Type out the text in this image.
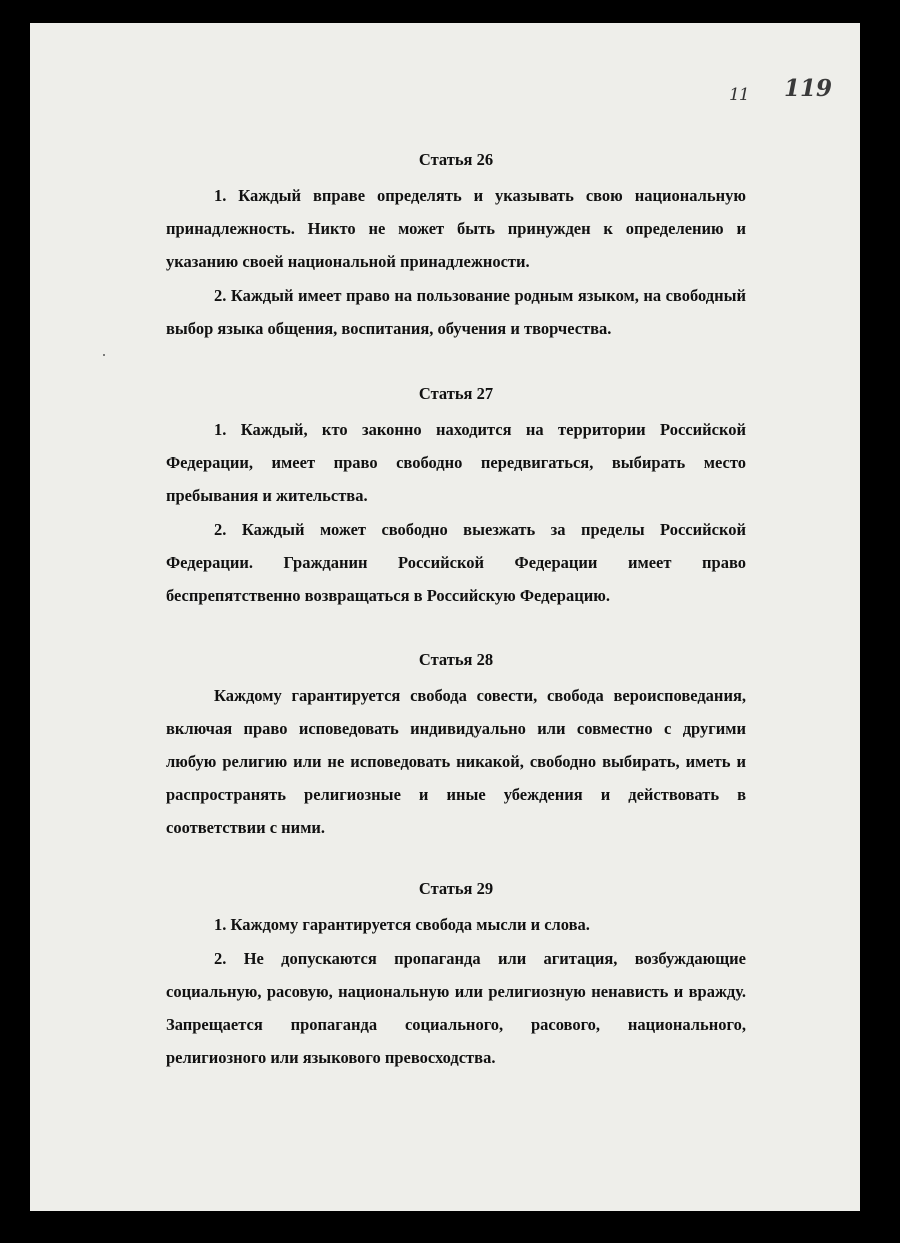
11 119
Статья 26

1. Каждый вправе определять и указывать свою национальную принадлежность. Никто не может быть принужден к определению и указанию своей национальной принадлежности.

2. Каждый имеет право на пользование родным языком, на свободный выбор языка общения, воспитания, обучения и творчества.

Статья 27

1. Каждый, кто законно находится на территории Российской Федерации, имеет право свободно передвигаться, выбирать место пребывания и жительства.

2. Каждый может свободно выезжать за пределы Российской Федерации. Гражданин Российской Федерации имеет право беспрепятственно возвращаться в Российскую Федерацию.

Статья 28

Каждому гарантируется свобода совести, свобода вероисповедания, включая право исповедовать индивидуально или совместно с другими любую религию или не исповедовать никакой, свободно выбирать, иметь и распространять религиозные и иные убеждения и действовать в соответствии с ними.

Статья 29

1. Каждому гарантируется свобода мысли и слова.

2. Не допускаются пропаганда или агитация, возбуждающие социальную, расовую, национальную или религиозную ненависть и вражду. Запрещается пропаганда социального, расового, национального, религиозного или языкового превосходства.
